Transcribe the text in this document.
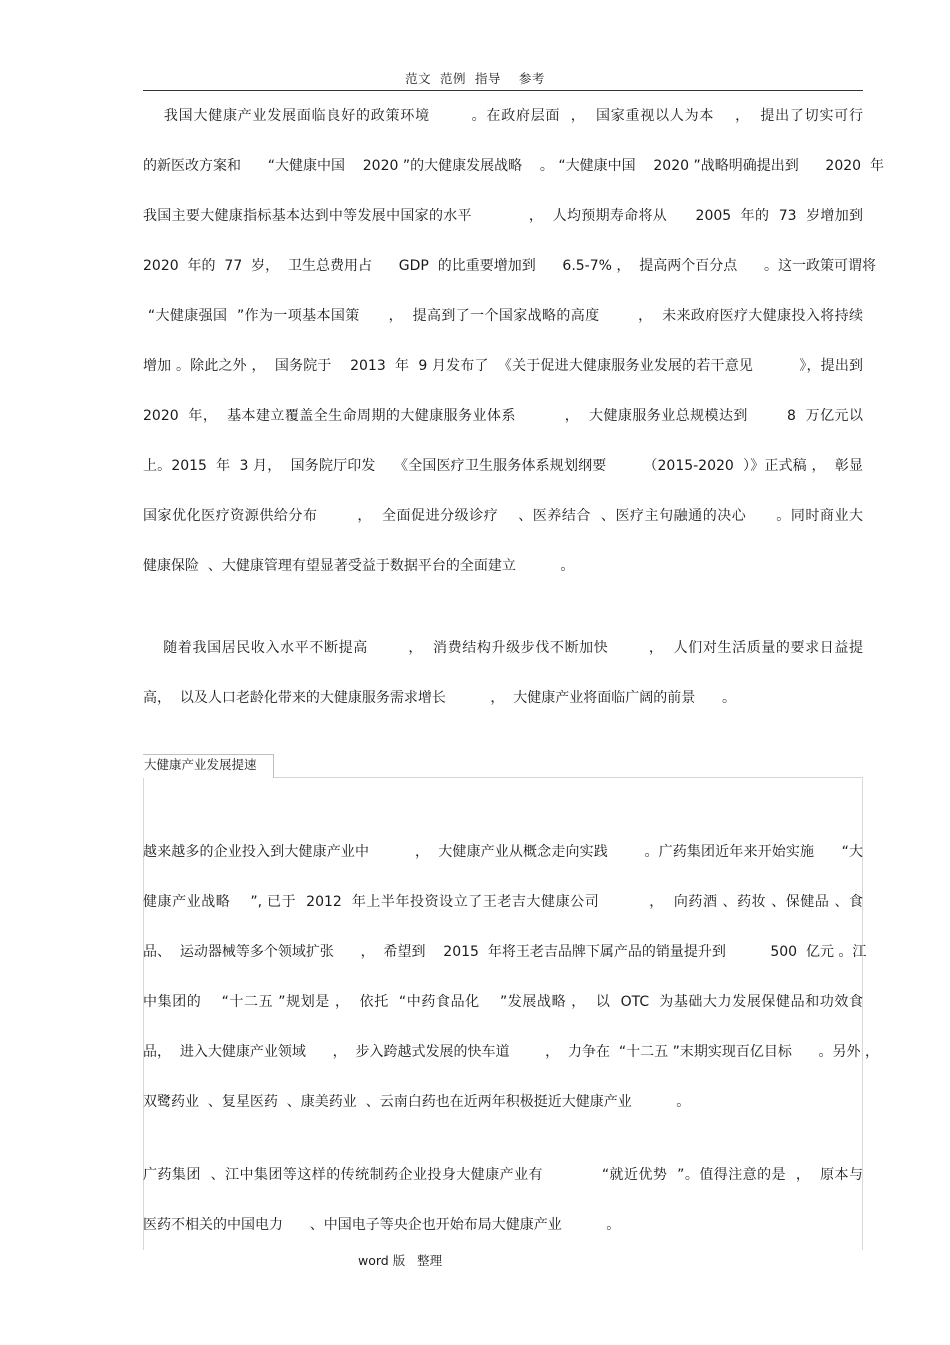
范文  范例  指导    参考
我国大健康产业发展面临良好的政策环境        。在政府层面  ，  国家重视以人为本    ，  提出了切实可行
的新医改方案和      “大健康中国    2020 ”的大健康发展战略    。 “大健康中国    2020 ”战略明确提出到      2020  年
我国主要大健康指标基本达到中等发展中国家的水平            ，  人均预期寿命将从      2005  年的  73  岁增加到
2020  年的  77  岁，  卫生总费用占      GDP  的比重要增加到      6.5-7% ，  提高两个百分点      。这一政策可谓将
“大健康强国  ”作为一项基本国策      ，  提高到了一个国家战略的高度        ，  未来政府医疗大健康投入将持续
增加 。除此之外 ，  国务院于    2013  年  9 月发布了  《关于促进大健康服务业发展的若干意见          》，提出到
2020  年，  基本建立覆盖全生命周期的大健康服务业体系          ，  大健康服务业总规模达到        8  万亿元以
上。2015  年  3 月，  国务院厅印发    《全国医疗卫生服务体系规划纲要        （2015-2020  ）》正式稿 ，  彰显
国家优化医疗资源供给分布        ，  全面促进分级诊疗    、医养结合  、医疗主句融通的决心      。同时商业大
健康保险  、大健康管理有望显著受益于数据平台的全面建立          。
随着我国居民收入水平不断提高        ，  消费结构升级步伐不断加快        ，  人们对生活质量的要求日益提
高，  以及人口老龄化带来的大健康服务需求增长          ，  大健康产业将面临广阔的前景      。
大健康产业发展提速
越来越多的企业投入到大健康产业中          ，  大健康产业从概念走向实践        。广药集团近年来开始实施      “大
健康产业战略    ”, 已于  2012  年上半年投资设立了王老吉大健康公司          ，  向药酒 、药妆 、保健品 、食
品、  运动器械等多个领域扩张      ，  希望到    2015  年将王老吉品牌下属产品的销量提升到          500  亿元 。江
中集团的    “十二五 ”规划是 ，  依托  “中药食品化    ”发展战略 ，  以  OTC  为基础大力发展保健品和功效食
品，  进入大健康产业领域      ，  步入跨越式发展的快车道        ，  力争在  “十二五 ”末期实现百亿目标      。另外 ，
双鹭药业  、复星医药  、康美药业  、云南白药也在近两年积极挺近大健康产业          。
广药集团  、江中集团等这样的传统制药企业投身大健康产业有            “就近优势  ”。值得注意的是  ，  原本与
医药不相关的中国电力      、中国电子等央企也开始布局大健康产业          。
word 版   整理
